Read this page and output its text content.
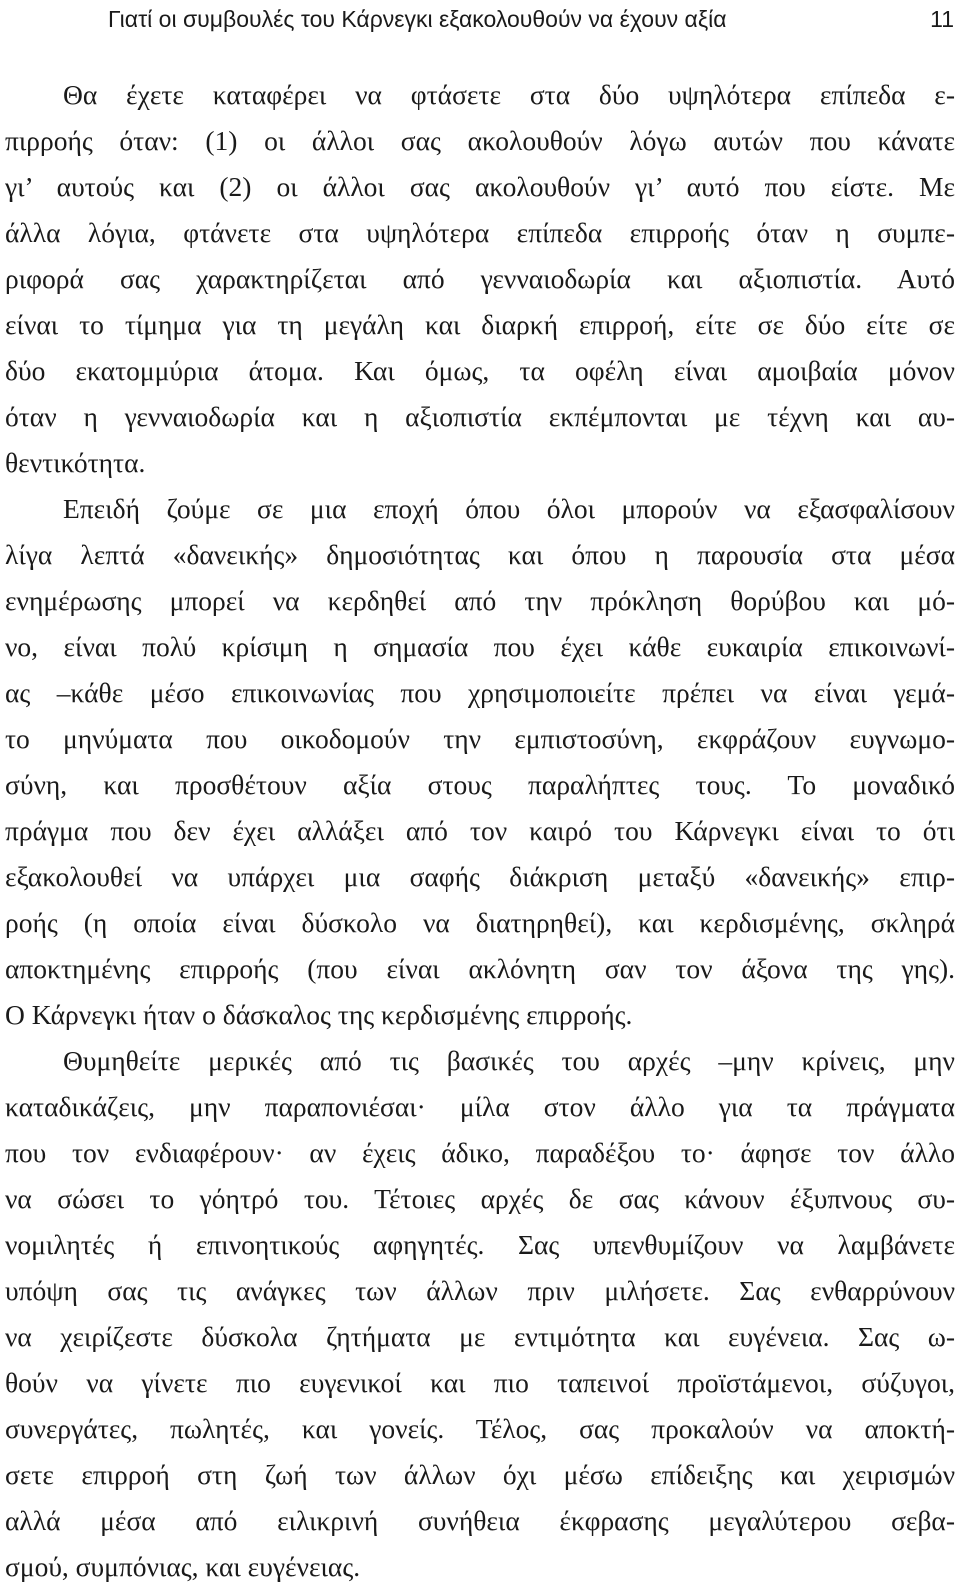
Γιατί οι συμβουλές του Κάρνεγκι εξακολουθούν να έχουν αξία	11
Θα έχετε καταφέρει να φτάσετε στα δύο υψηλότερα επίπεδα ε-
πιρροής όταν: (1) οι άλλοι σας ακολουθούν λόγω αυτών που κάνατε
γι’ αυτούς και (2) οι άλλοι σας ακολουθούν γι’ αυτό που είστε. Με
άλλα λόγια, φτάνετε στα υψηλότερα επίπεδα επιρροής όταν η συμπε-
ριφορά σας χαρακτηρίζεται από γενναιοδωρία και αξιοπιστία. Αυτό
είναι το τίμημα για τη μεγάλη και διαρκή επιρροή, είτε σε δύο είτε σε
δύο εκατομμύρια άτομα. Και όμως, τα οφέλη είναι αμοιβαία μόνον
όταν η γενναιοδωρία και η αξιοπιστία εκπέμπονται με τέχνη και αυ-
θεντικότητα.
Επειδή ζούμε σε μια εποχή όπου όλοι μπορούν να εξασφαλίσουν
λίγα λεπτά «δανεικής» δημοσιότητας και όπου η παρουσία στα μέσα
ενημέρωσης μπορεί να κερδηθεί από την πρόκληση θορύβου και μό-
νο, είναι πολύ κρίσιμη η σημασία που έχει κάθε ευκαιρία επικοινωνί-
ας –κάθε μέσο επικοινωνίας που χρησιμοποιείτε πρέπει να είναι γεμά-
το μηνύματα που οικοδομούν την εμπιστοσύνη, εκφράζουν ευγνωμο-
σύνη, και προσθέτουν αξία στους παραλήπτες τους. Το μοναδικό
πράγμα που δεν έχει αλλάξει από τον καιρό του Κάρνεγκι είναι το ότι
εξακολουθεί να υπάρχει μια σαφής διάκριση μεταξύ «δανεικής» επιρ-
ροής (η οποία είναι δύσκολο να διατηρηθεί), και κερδισμένης, σκληρά
αποκτημένης επιρροής (που είναι ακλόνητη σαν τον άξονα της γης).
Ο Κάρνεγκι ήταν ο δάσκαλος της κερδισμένης επιρροής.
Θυμηθείτε μερικές από τις βασικές του αρχές –μην κρίνεις, μην
καταδικάζεις, μην παραπονιέσαι· μίλα στον άλλο για τα πράγματα
που τον ενδιαφέρουν· αν έχεις άδικο, παραδέξου το· άφησε τον άλλο
να σώσει το γόητρό του. Τέτοιες αρχές δε σας κάνουν έξυπνους συ-
νομιλητές ή επινοητικούς αφηγητές. Σας υπενθυμίζουν να λαμβάνετε
υπόψη σας τις ανάγκες των άλλων πριν μιλήσετε. Σας ενθαρρύνουν
να χειρίζεστε δύσκολα ζητήματα με εντιμότητα και ευγένεια. Σας ω-
θούν να γίνετε πιο ευγενικοί και πιο ταπεινοί προϊστάμενοι, σύζυγοι,
συνεργάτες, πωλητές, και γονείς. Τέλος, σας προκαλούν να αποκτή-
σετε επιρροή στη ζωή των άλλων όχι μέσω επίδειξης και χειρισμών
αλλά μέσα από ειλικρινή συνήθεια έκφρασης μεγαλύτερου σεβα-
σμού, συμπόνιας, και ευγένειας.
